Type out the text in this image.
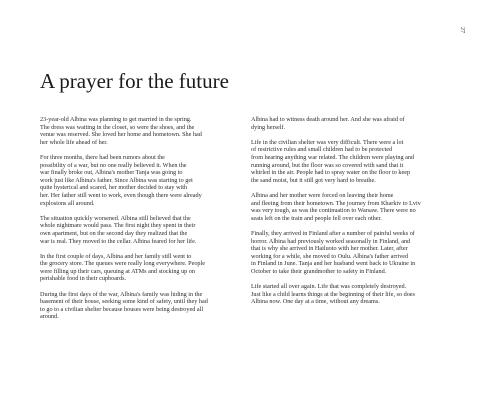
27
A prayer for the future

23-year-old Albina was planning to get married in the spring.
The dress was waiting in the closet, so were the shoes, and the
venue was reserved. She loved her home and hometown. She had
her whole life ahead of her.

For three months, there had been rumors about the
possibility of a war, but no one really believed it. When the
war finally broke out, Albina's mother Tanja was going to
work just like Albina's father. Since Albina was starting to get
quite hysterical and scared, her mother decided to stay with
her. Her father still went to work, even though there were already
explosions all around.

The situation quickly worsened. Albina still believed that the
whole nightmare would pass. The first night they spent in their
own apartment, but on the second day they realized that the
war is real. They moved to the cellar. Albina feared for her life.

In the first couple of days, Albina and her family still went to
the grocery store. The queues were really long everywhere. People
were filling up their cars, queuing at ATMs and stocking up on
perishable food in their cupboards.

During the first days of the war, Albina's family was hiding in the
basement of their house, seeking some kind of safety, until they had
to go to a civilian shelter because houses were being destroyed all
around.

Albina had to witness death around her. And she was afraid of
dying herself.

Life in the civilian shelter was very difficult. There were a lot
of restrictive rules and small children had to be protected
from hearing anything war related. The children were playing and
running around, but the floor was so covered with sand that it
whirled in the air. People had to spray water on the floor to keep
the sand moist, but it still got very hard to breathe.

Albina and her mother were forced on leaving their home
and fleeing from their hometown. The journey from Kharkiv to Lviv
was very tough, as was the continuation to Warsaw. There were no
seats left on the train and people fell over each other.

Finally, they arrived in Finland after a number of painful weeks of
horror. Albina had previously worked seasonally in Finland, and
that is why she arrived in Hailuoto with her mother. Later, after
working for a while, she moved to Oulu. Albina's father arrived
in Finland in June. Tanja and her husband went back to Ukraine in
October to take their grandmother to safety in Finland.

Life started all over again. Life that was completely destroyed.
Just like a child learns things at the beginning of their life, so does
Albina now. One day at a time, without any dreams.
